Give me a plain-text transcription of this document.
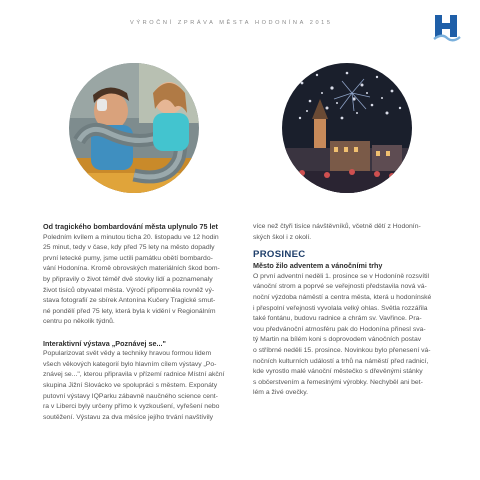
VÝROČNÍ ZPRÁVA MĚSTA HODONÍNA 2015

Od tragického bombardování města uplynulo 75 let

Poledním kvílem a minutou ticha 20. listopadu ve 12 hodin

25 minut, tedy v čase, kdy před 75 lety na město dopadly

první letecké pumy, jsme uctili památku obětí bombardo-

vání Hodonína. Kromě obrovských materiálních škod bom-

by připravily o život téměř dvě stovky lidí a poznamenaly

život tisíců obyvatel města. Výročí připomněla rovněž vý-

stava fotografií ze sbírek Antonína Kučery Tragické smut-

né pondělí před 75 lety, která byla k vidění v Regionálním

centru po několik týdnů.

Interaktivní výstava „Poznávej se..."

Popularizovat svět vědy a techniky hravou formou lidem

všech věkových kategorií bylo hlavním cílem výstavy „Po-

znávej se...", kterou připravila v přízemí radnice Místní akční

skupina Jižní Slovácko ve spolupráci s městem. Exponáty

putovní výstavy IQParku zábavně naučného science cent-

ra v Liberci byly určeny přímo k vyzkoušení, vyřešení nebo

soutěžení. Výstavu za dva měsíce jejího trvání navštívily

více než čtyři tisíce návštěvníků, včetně dětí z Hodonín-

ských škol i z okolí.

PROSINEC

Město žilo adventem a vánočními trhy

O první adventní neděli 1. prosince se v Hodoníně rozsvítil

vánoční strom a poprvé se veřejnosti představila nová vá-

noční výzdoba náměstí a centra města, která u hodonínské

i přespolní veřejnosti vyvolala velký ohlas. Světla rozzářila

také fontánu, budovu radnice a chrám sv. Vavřince. Pra-

vou předvánoční atmosféru pak do Hodonína přinesl sva-

tý Martin na bílém koni s doprovodem vánočních postav

o stříbrné neděli 15. prosince. Novinkou bylo přenesení vá-

nočních kulturních událostí a trhů na náměstí před radnicí,

kde vyrostlo malé vánoční městečko s dřevěnými stánky

s občerstvením a řemeslnými výrobky. Nechyběl ani bet-

lém a živé ovečky.
